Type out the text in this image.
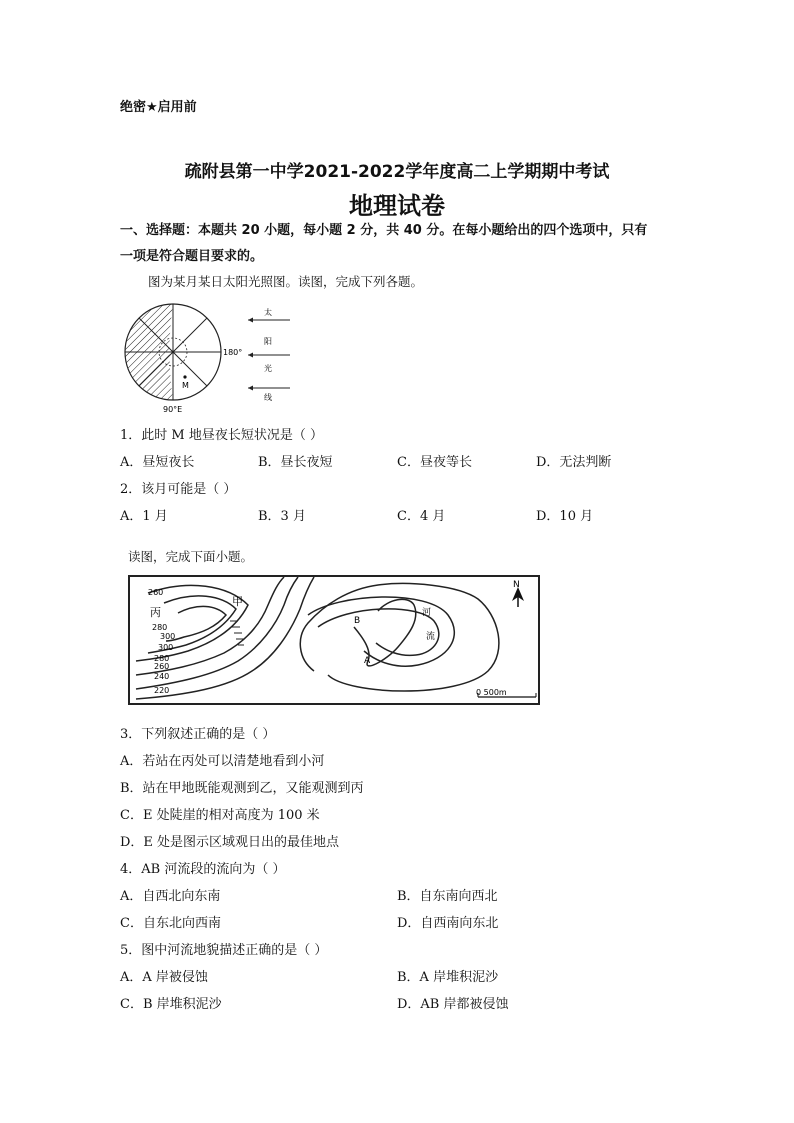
绝密★启用前
疏附县第一中学2021-2022学年度高二上学期期中考试
地理试卷
一、选择题：本题共 20 小题，每小题 2 分，共 40 分。在每小题给出的四个选项中，只有
一项是符合题目要求的。
图为某月某日太阳光照图。读图，完成下列各题。
M
180°
90°E
太
阳
光
线
1．此时 M 地昼夜长短状况是（ ）
A．昼短夜长	B．昼长夜短	C．昼夜等长	D．无法判断
2．该月可能是（ ）
A．1 月	B．3 月	C．4 月	D．10 月
读图，完成下面小题。
260
丙
280
300
300
280
260
240
220
甲
河
流
B
A
N
0 500m
3．下列叙述正确的是（ ）
A．若站在丙处可以清楚地看到小河
B．站在甲地既能观测到乙，又能观测到丙
C．E 处陡崖的相对高度为 100 米
D．E 处是图示区域观日出的最佳地点
4．AB 河流段的流向为（ ）
A．自西北向东南	B．自东南向西北
C．自东北向西南	D．自西南向东北
5．图中河流地貌描述正确的是（ ）
A．A 岸被侵蚀	B．A 岸堆积泥沙
C．B 岸堆积泥沙	D．AB 岸都被侵蚀
